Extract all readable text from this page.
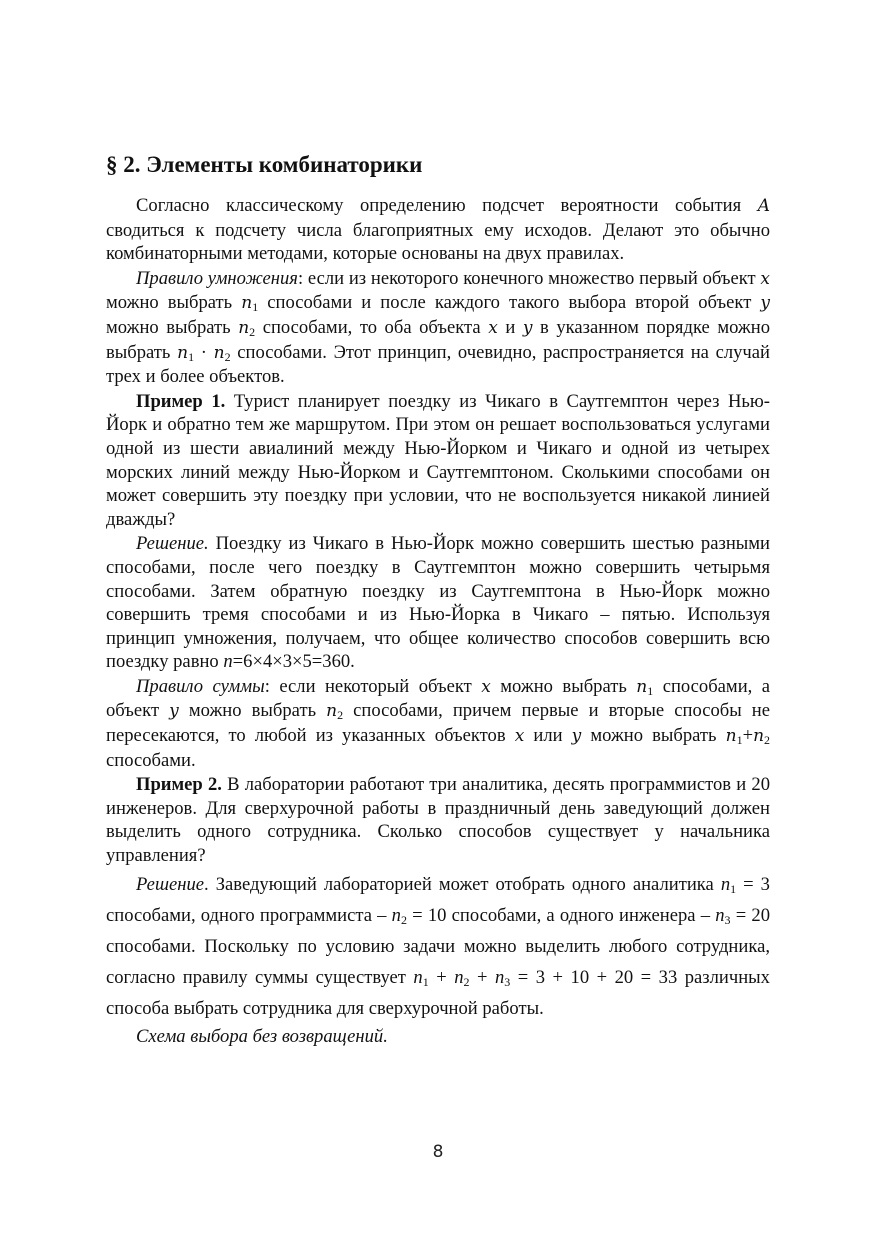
§ 2. Элементы комбинаторики

Согласно классическому определению подсчет вероятности события A сводиться к подсчету числа благоприятных ему исходов. Делают это обычно комбинаторными методами, которые основаны на двух правилах.

Правило умножения: если из некоторого конечного множество первый объект x можно выбрать $n_1$ способами и после каждого такого выбора второй объект y можно выбрать $n_2$ способами, то оба объекта x и y в указанном порядке можно выбрать $n_1 \cdot n_2$ способами. Этот принцип, очевидно, распространяется на случай трех и более объектов.

Пример 1. Турист планирует поездку из Чикаго в Саутгемптон через Нью-Йорк и обратно тем же маршрутом. При этом он решает воспользоваться услугами одной из шести авиалиний между Нью-Йорком и Чикаго и одной из четырех морских линий между Нью-Йорком и Саутгемптоном. Сколькими способами он может совершить эту поездку при условии, что не воспользуется никакой линией дважды?

Решение. Поездку из Чикаго в Нью-Йорк можно совершить шестью разными способами, после чего поездку в Саутгемптон можно совершить четырьмя способами. Затем обратную поездку из Саутгемптона в Нью-Йорк можно совершить тремя способами и из Нью-Йорка в Чикаго – пятью. Используя принцип умножения, получаем, что общее количество способов совершить всю поездку равно n=6×4×3×5=360.

Правило суммы: если некоторый объект x можно выбрать $n_1$ способами, а объект y можно выбрать $n_2$ способами, причем первые и вторые способы не пересекаются, то любой из указанных объектов x или y можно выбрать $n_1+n_2$ способами.

Пример 2. В лаборатории работают три аналитика, десять программистов и 20 инженеров. Для сверхурочной работы в праздничный день заведующий должен выделить одного сотрудника. Сколько способов существует у начальника управления?

Решение. Заведующий лабораторией может отобрать одного аналитика $n_1 = 3$ способами, одного программиста – $n_2 = 10$ способами, а одного инженера – $n_3 = 20$ способами. Поскольку по условию задачи можно выделить любого сотрудника, согласно правилу суммы существует $n_1 + n_2 + n_3 = 3 + 10 + 20 = 33$ различных способа выбрать сотрудника для сверхурочной работы.

Схема выбора без возвращений.

8
